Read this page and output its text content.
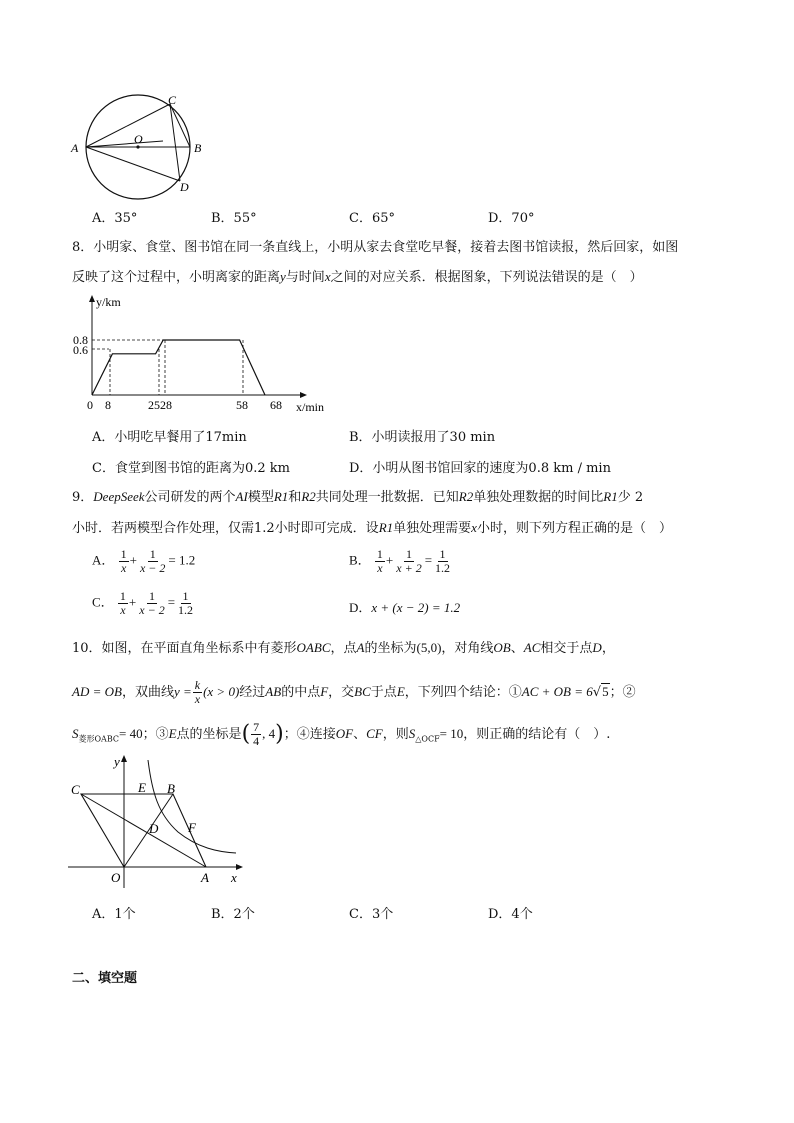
A
C
O
B
D
A．35°	B．55°	C．65°	D．70°
8．小明家、食堂、图书馆在同一条直线上，小明从家去食堂吃早餐，接着去图书馆读报，然后回家，如图
反映了这个过程中，小明离家的距离y与时间x之间的对应关系．根据图象，下列说法错误的是（　）
y/km
0.8
0.6
0 8	2528	58 68 x/min
A．小明吃早餐用了17min	B．小明读报用了30 min
C．食堂到图书馆的距离为0.2 km	D．小明从图书馆回家的速度为0.8 km / min
9．DeepSeek公司研发的两个AI模型R1和R2共同处理一批数据．已知R2单独处理数据的时间比R1少 2
小时．若两模型合作处理，仅需1.2小时即可完成．设R1单独处理需要x小时，则下列方程正确的是（　）
A． $\frac{1}{x} + \frac{1}{x - 2} = 1.2$	B． $\frac{1}{x} + \frac{1}{x + 2} = \frac{1}{1.2}$
C． $\frac{1}{x} + \frac{1}{x - 2} = \frac{1}{1.2}$	D．x + (x − 2) = 1.2
10．如图，在平面直角坐标系中有菱形OABC，点A的坐标为(5,0)，对角线OB、AC相交于点D，
AD = OB，双曲线$y = \frac{k}{x} (x > 0)$经过AB的中点F，交BC于点E，下列四个结论：①AC + OB = 6√5；②
$S_{菱形OABC}= 40$；③E点的坐标是( $\frac{7}{4}$ , 4)；④连接OF、CF，则$S_{\triangle OCF}= 10$，则正确的结论有（　）.
y
C	E B
D F
O	A x
A．1个	B．2个	C．3个	D．4个
二、填空题
